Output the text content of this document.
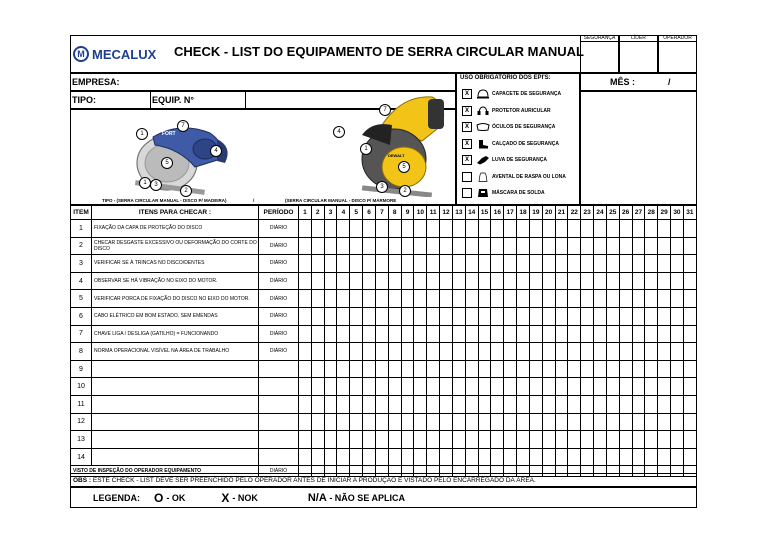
M MECALUX CHECK - LIST DO EQUIPAMENTO DE SERRA CIRCULAR MANUAL
SEGURANÇA	LÍDER	OPERADOR
EMPRESA:
TIPO:	EQUIP. N°
MÊS :	/
FORT
7
1
4
5
1	3
2
DEWALT
7
4
1
5
3
2
TIPO - (SERRA CIRCULAR MANUAL - DISCO P/ MADEIRA)	/	(SERRA CIRCULAR MANUAL - DISCO P/ MÁRMORE
USO OBRIGATÓRIO DOS EPI'S:
X	CAPACETE DE SEGURANÇA
X	PROTETOR AURICULAR
X	ÓCULOS DE SEGURANÇA
X	CALÇADO DE SEGURANÇA
X	LUVA DE SEGURANÇA
AVENTAL DE RASPA OU LONA
MÁSCARA DE SOLDA
ITEM	ITENS PARA CHECAR :	PERÍODO	1	2	3	4	5	6	7	8	9	10	11	12	13	14	15	16	17	18	19	20	21	22	23	24	25	26	27	28	29	30	31
1	FIXAÇÃO DA CAPA DE PROTEÇÃO DO DISCO	DIÁRIO																															
2	CHECAR DESGASTE EXCESSIVO OU DEFORMAÇÃO DO CORTE DO DISCO	DIÁRIO																															
3	VERIFICAR SE À TRINCAS NO DISCO/DENTES	DIÁRIO																															
4	OBSERVAR SE HÁ VIBRAÇÃO NO EIXO DO MOTOR.	DIÁRIO																															
5	VERIFICAR PORCA DE FIXAÇÃO DO DISCO NO EIXO DO MOTOR.	DIÁRIO																															
6	CABO ELÉTRICO EM BOM ESTADO, SEM EMENDAS	DIÁRIO																															
7	CHAVE LIGA / DESLIGA (GATILHO) = FUNCIONANDO	DIÁRIO																															
8	NORMA OPERACIONAL VISÍVEL NA ÁREA DE TRABALHO	DIÁRIO																															
9																																	
10																																	
11																																	
12																																	
13																																	
14																																	
VISTO DE INSPEÇÃO DO OPERADOR EQUIPAMENTO		DIÁRIO																															
OBS : ESTE CHECK - LIST DEVE SER PREENCHIDO PELO OPERADOR ANTES DE INICIAR A PRODUÇÃO E VISTADO PELO ENCARREGADO DA ÁREA.
LEGENDA: O - OK	X - NOK	N/A - NÃO SE APLICA
